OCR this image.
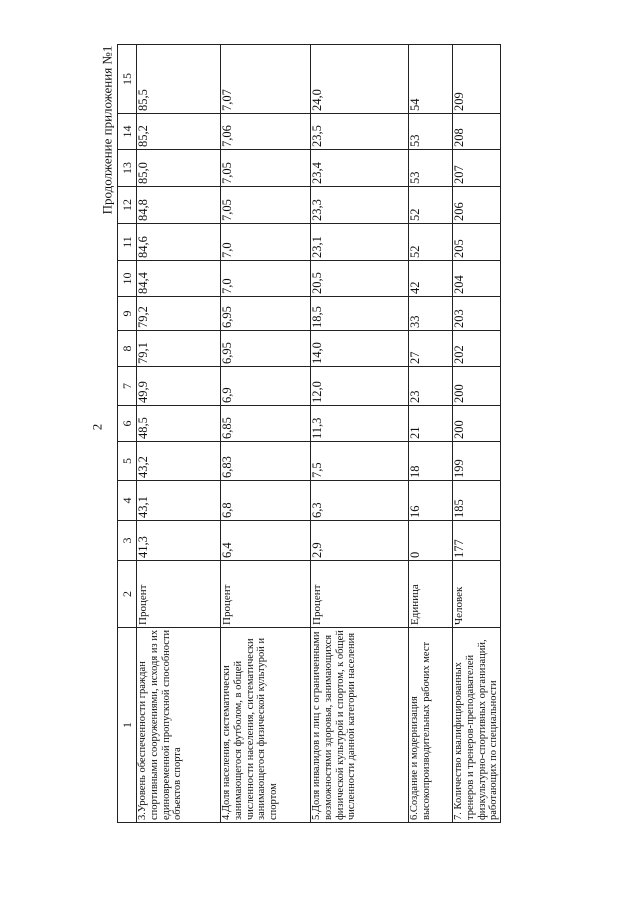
2
Продолжение приложения №1
1	2	3	4	5	6	7	8	9	10	11	12	13	14	15
3.Уровень обеспеченности граждан спортивными сооружениями, исходя из их единовременной пропускной способности объектов спорта	Процент	41,3	43,1	43,2	48,5	49,9	79,1	79,2	84,4	84,6	84,8	85,0	85,2	85,5
4.Доля населения, систематически занимающегося футболом, в общей численности населения, систематически занимающегося физической культурой и спортом	Процент	6,4	6,8	6,83	6,85	6,9	6,95	6,95	7,0	7,0	7,05	7,05	7,06	7,07
5.Доля инвалидов и лиц с ограниченными возможностями здоровья, занимающихся физической культурой и спортом, к общей численности данной категории населения	Процент	2,9	6,3	7,5	11,3	12,0	14,0	18,5	20,5	23,1	23,3	23,4	23,5	24,0
6.Создание и модернизация высокопроизводительных рабочих мест	Единица	0	16	18	21	23	27	33	42	52	52	53	53	54
7. Количество квалифицированных тренеров и тренеров-преподавателей физкультурно-спортивных организаций, работающих по специальности	Человек	177	185	199	200	200	202	203	204	205	206	207	208	209
